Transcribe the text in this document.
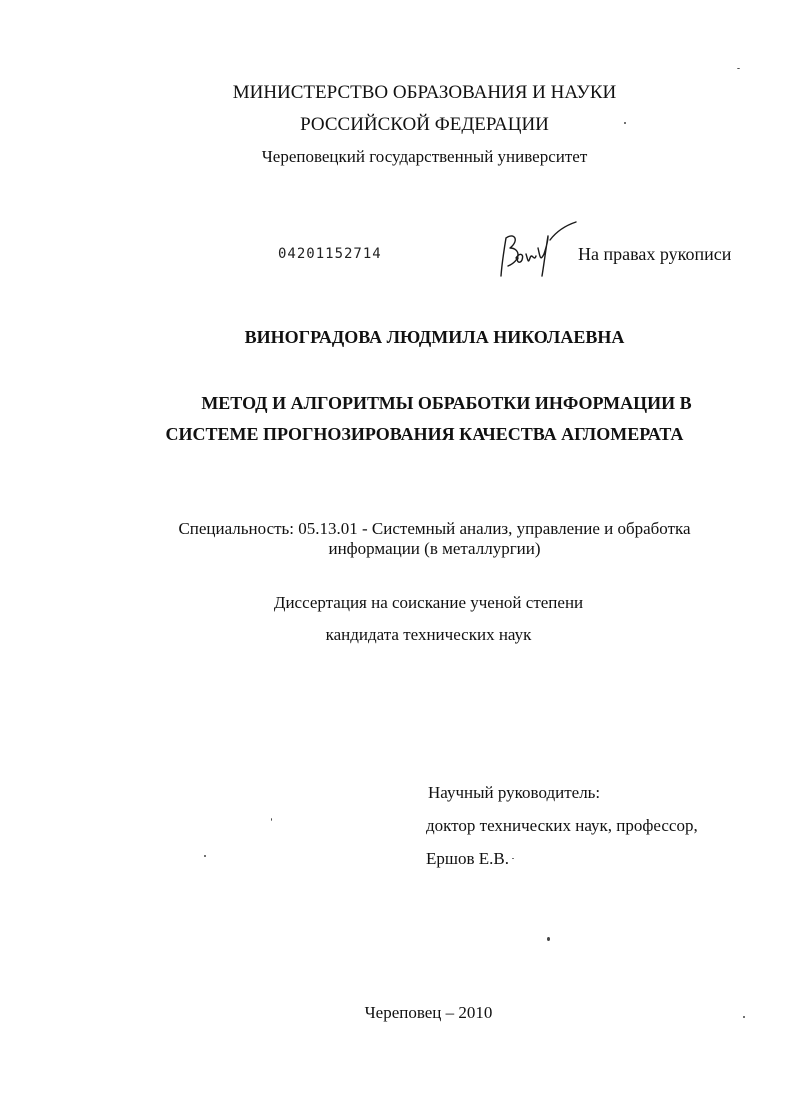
МИНИСТЕРСТВО ОБРАЗОВАНИЯ И НАУКИ
РОССИЙСКОЙ ФЕДЕРАЦИИ
Череповецкий государственный университет
04201152714	На правах рукописи
ВИНОГРАДОВА ЛЮДМИЛА НИКОЛАЕВНА
МЕТОД И АЛГОРИТМЫ ОБРАБОТКИ ИНФОРМАЦИИ В
СИСТЕМЕ ПРОГНОЗИРОВАНИЯ КАЧЕСТВА АГЛОМЕРАТА
Специальность: 05.13.01 - Системный анализ, управление и обработка
информации (в металлургии)
Диссертация на соискание ученой степени
кандидата технических наук
Научный руководитель:
доктор технических наук, профессор,
Ершов Е.В.
Череповец – 2010
